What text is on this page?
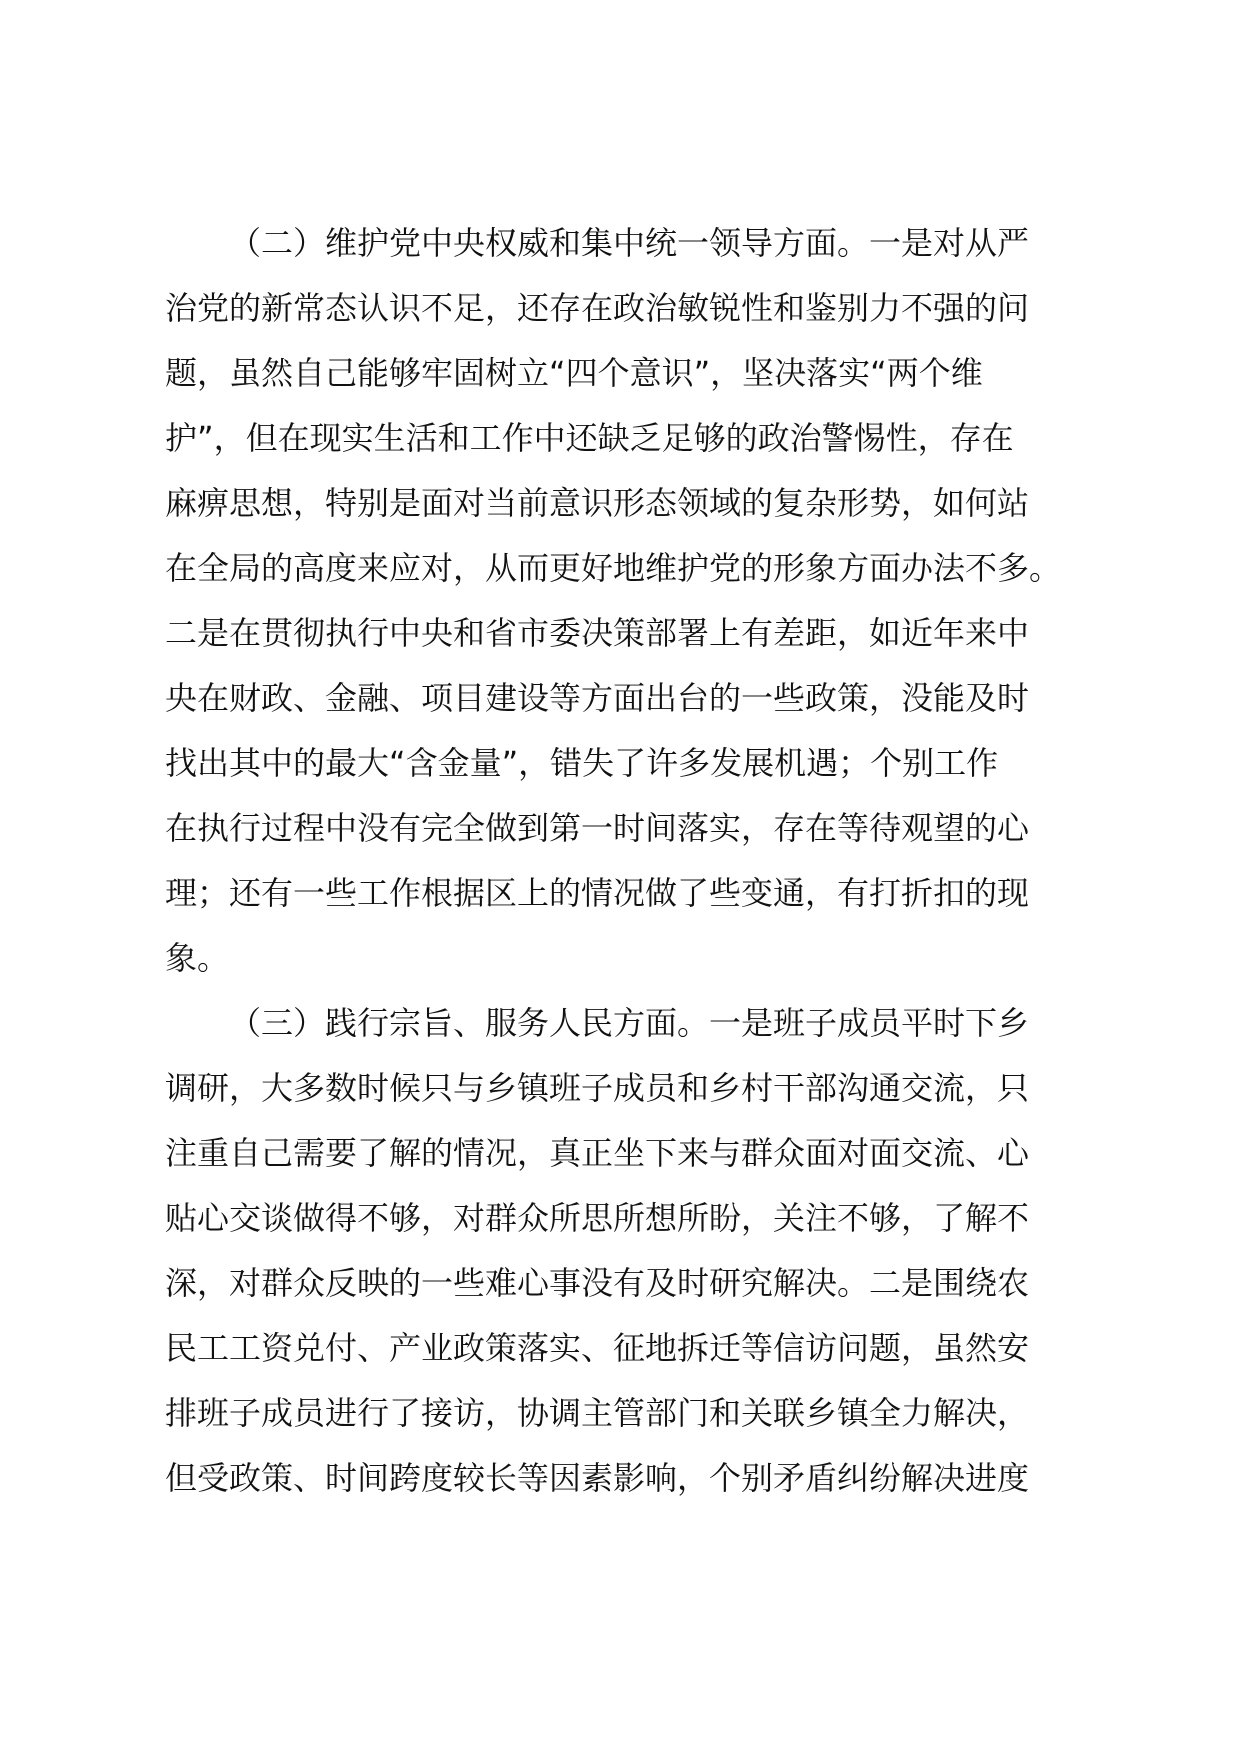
（二）维护党中央权威和集中统一领导方面。一是对从严
治党的新常态认识不足，还存在政治敏锐性和鉴别力不强的问
题，虽然自己能够牢固树立“四个意识”，坚决落实“两个维
护”，但在现实生活和工作中还缺乏足够的政治警惕性，存在
麻痹思想，特别是面对当前意识形态领域的复杂形势，如何站
在全局的高度来应对，从而更好地维护党的形象方面办法不多。
二是在贯彻执行中央和省市委决策部署上有差距，如近年来中
央在财政、金融、项目建设等方面出台的一些政策，没能及时
找出其中的最大“含金量”，错失了许多发展机遇；个别工作
在执行过程中没有完全做到第一时间落实，存在等待观望的心
理；还有一些工作根据区上的情况做了些变通，有打折扣的现
象。
（三）践行宗旨、服务人民方面。一是班子成员平时下乡
调研，大多数时候只与乡镇班子成员和乡村干部沟通交流，只
注重自己需要了解的情况，真正坐下来与群众面对面交流、心
贴心交谈做得不够，对群众所思所想所盼，关注不够，了解不
深，对群众反映的一些难心事没有及时研究解决。二是围绕农
民工工资兑付、产业政策落实、征地拆迁等信访问题，虽然安
排班子成员进行了接访，协调主管部门和关联乡镇全力解决，
但受政策、时间跨度较长等因素影响，个别矛盾纠纷解决进度
